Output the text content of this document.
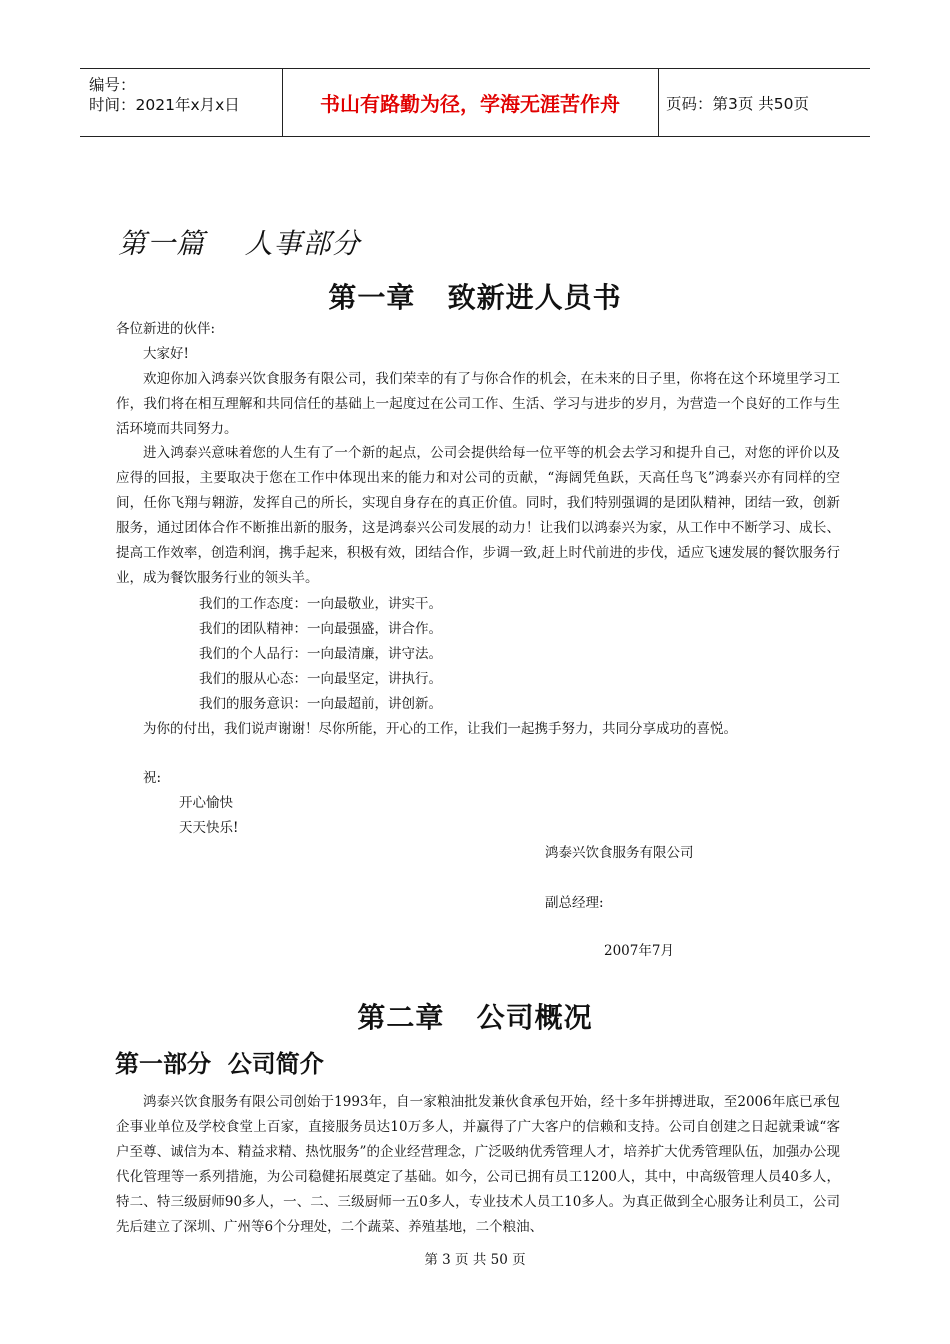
编号：
时间：2021年x月x日	书山有路勤为径，学海无涯苦作舟	页码：第3页 共50页
第一篇    人事部分
第一章   致新进人员书
各位新进的伙伴:
大家好!

欢迎你加入鸿泰兴饮食服务有限公司，我们荣幸的有了与你合作的机会，在未来的日子里，你将在这个环境里学习工作，我们将在相互理解和共同信任的基础上一起度过在公司工作、生活、学习与进步的岁月，为营造一个良好的工作与生活环境而共同努力。

进入鸿泰兴意味着您的人生有了一个新的起点，公司会提供给每一位平等的机会去学习和提升自己，对您的评价以及应得的回报，主要取决于您在工作中体现出来的能力和对公司的贡献，“海阔凭鱼跃，天高任鸟飞”鸿泰兴亦有同样的空间，任你飞翔与翱游，发挥自己的所长，实现自身存在的真正价值。同时，我们特别强调的是团队精神，团结一致，创新服务，通过团体合作不断推出新的服务，这是鸿泰兴公司发展的动力！让我们以鸿泰兴为家，从工作中不断学习、成长、提高工作效率，创造利润，携手起来，积极有效，团结合作，步调一致,赶上时代前进的步伐，适应飞速发展的餐饮服务行业，成为餐饮服务行业的领头羊。

我们的工作态度：一向最敬业，讲实干。
我们的团队精神：一向最强盛，讲合作。
我们的个人品行：一向最清廉，讲守法。
我们的服从心态：一向最坚定，讲执行。
我们的服务意识：一向最超前，讲创新。
为你的付出，我们说声谢谢！尽你所能，开心的工作，让我们一起携手努力，共同分享成功的喜悦。
祝:
开心愉快
天天快乐!
鸿泰兴饮食服务有限公司
副总经理:
2007年7月
第二章   公司概况
第一部分  公司简介

鸿泰兴饮食服务有限公司创始于1993年，自一家粮油批发兼伙食承包开始，经十多年拼搏进取，至2006年底已承包企事业单位及学校食堂上百家，直接服务员达10万多人，并赢得了广大客户的信赖和支持。公司自创建之日起就秉诚“客户至尊、诚信为本、精益求精、热忱服务”的企业经营理念，广泛吸纳优秀管理人才，培养扩大优秀管理队伍，加强办公现代化管理等一系列措施，为公司稳健拓展奠定了基础。如今，公司已拥有员工1200人，其中，中高级管理人员40多人，特二、特三级厨师90多人，一、二、三级厨师一五0多人，专业技术人员工10多人。为真正做到全心服务让利员工，公司先后建立了深圳、广州等6个分理处，二个蔬菜、养殖基地，二个粮油、

第 3 页 共 50 页
